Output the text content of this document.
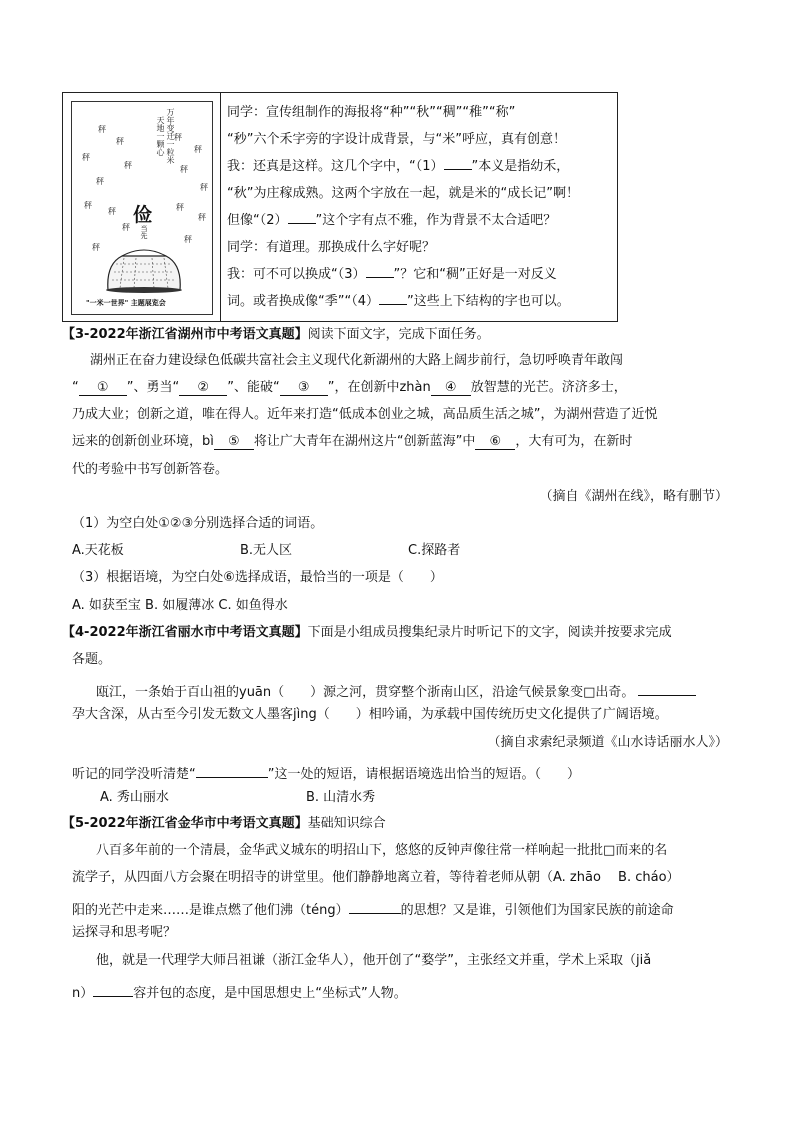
万年变迁一粒米
天地一颗心
秤
秤	秤
秤
秤
秤	秤
秤
秤
秤
秤	秤
秤
秤
秤
秤
俭
当先
"一米一世界" 主题展览会
同学：宣传组制作的海报将“种”“秋”“稠”“稚”“称”
“秒”六个禾字旁的字设计成背景，与“米”呼应，真有创意！
我：还真是这样。这几个字中，“（1） ”本义是指幼禾，
“秋”为庄稼成熟。这两个字放在一起，就是米的“成长记”啊！
但像“（2） ”这个字有点不雅，作为背景不太合适吧？
同学：有道理。那换成什么字好呢？
我：可不可以换成“（3） ”？它和“稠”正好是一对反义
词。或者换成像“季”“（4） ”这些上下结构的字也可以。
【3-2022年浙江省湖州市中考语文真题】阅读下面文字，完成下面任务。
湖州正在奋力建设绿色低碳共富社会主义现代化新湖州的大路上阔步前行，急切呼唤青年敢闯
“ ① ”、勇当“ ② ”、能破“ ③ ”，在创新中zhàn ④ 放智慧的光芒。济济多士，
乃成大业；创新之道，唯在得人。近年来打造“低成本创业之城，高品质生活之城”，为湖州营造了近悦
远来的创新创业环境，bì ⑤ 将让广大青年在湖州这片“创新蓝海”中 ⑥ ，大有可为，在新时
代的考验中书写创新答卷。
（摘自《湖州在线》，略有删节）
（1）为空白处①②③分别选择合适的词语。
A.天花板	B.无人区	C.探路者
（3）根据语境，为空白处⑥选择成语，最恰当的一项是（　　）
A. 如获至宝 B. 如履薄冰 C. 如鱼得水
【4-2022年浙江省丽水市中考语文真题】下面是小组成员搜集纪录片时听记下的文字，阅读并按要求完成
各题。
瓯江，一条始于百山祖的yuān（　　）源之河，贯穿整个浙南山区，沿途气候景象变□出奇。
孕大含深，从古至今引发无数文人墨客jìng（　　）相吟诵，为承载中国传统历史文化提供了广阔语境。
（摘自求索纪录频道《山水诗话丽水人》）
听记的同学没听清楚“	”这一处的短语，请根据语境选出恰当的短语。（　　）
A. 秀山丽水	B. 山清水秀
【5-2022年浙江省金华市中考语文真题】基础知识综合
八百多年前的一个清晨，金华武义城东的明招山下，悠悠的反钟声像往常一样响起一批批□而来的名
流学子，从四面八方会聚在明招寺的讲堂里。他们静静地离立着，等待着老师从朝（A. zhāo　 B. cháo）
阳的光芒中走来……是谁点燃了他们沸（téng）	的思想？又是谁，引领他们为国家民族的前途命
运探寻和思考呢？
他，就是一代理学大师吕祖谦（浙江金华人），他开创了“婺学”，主张经文并重，学术上采取（jiǎ
n）	容并包的态度，是中国思想史上“坐标式”人物。
